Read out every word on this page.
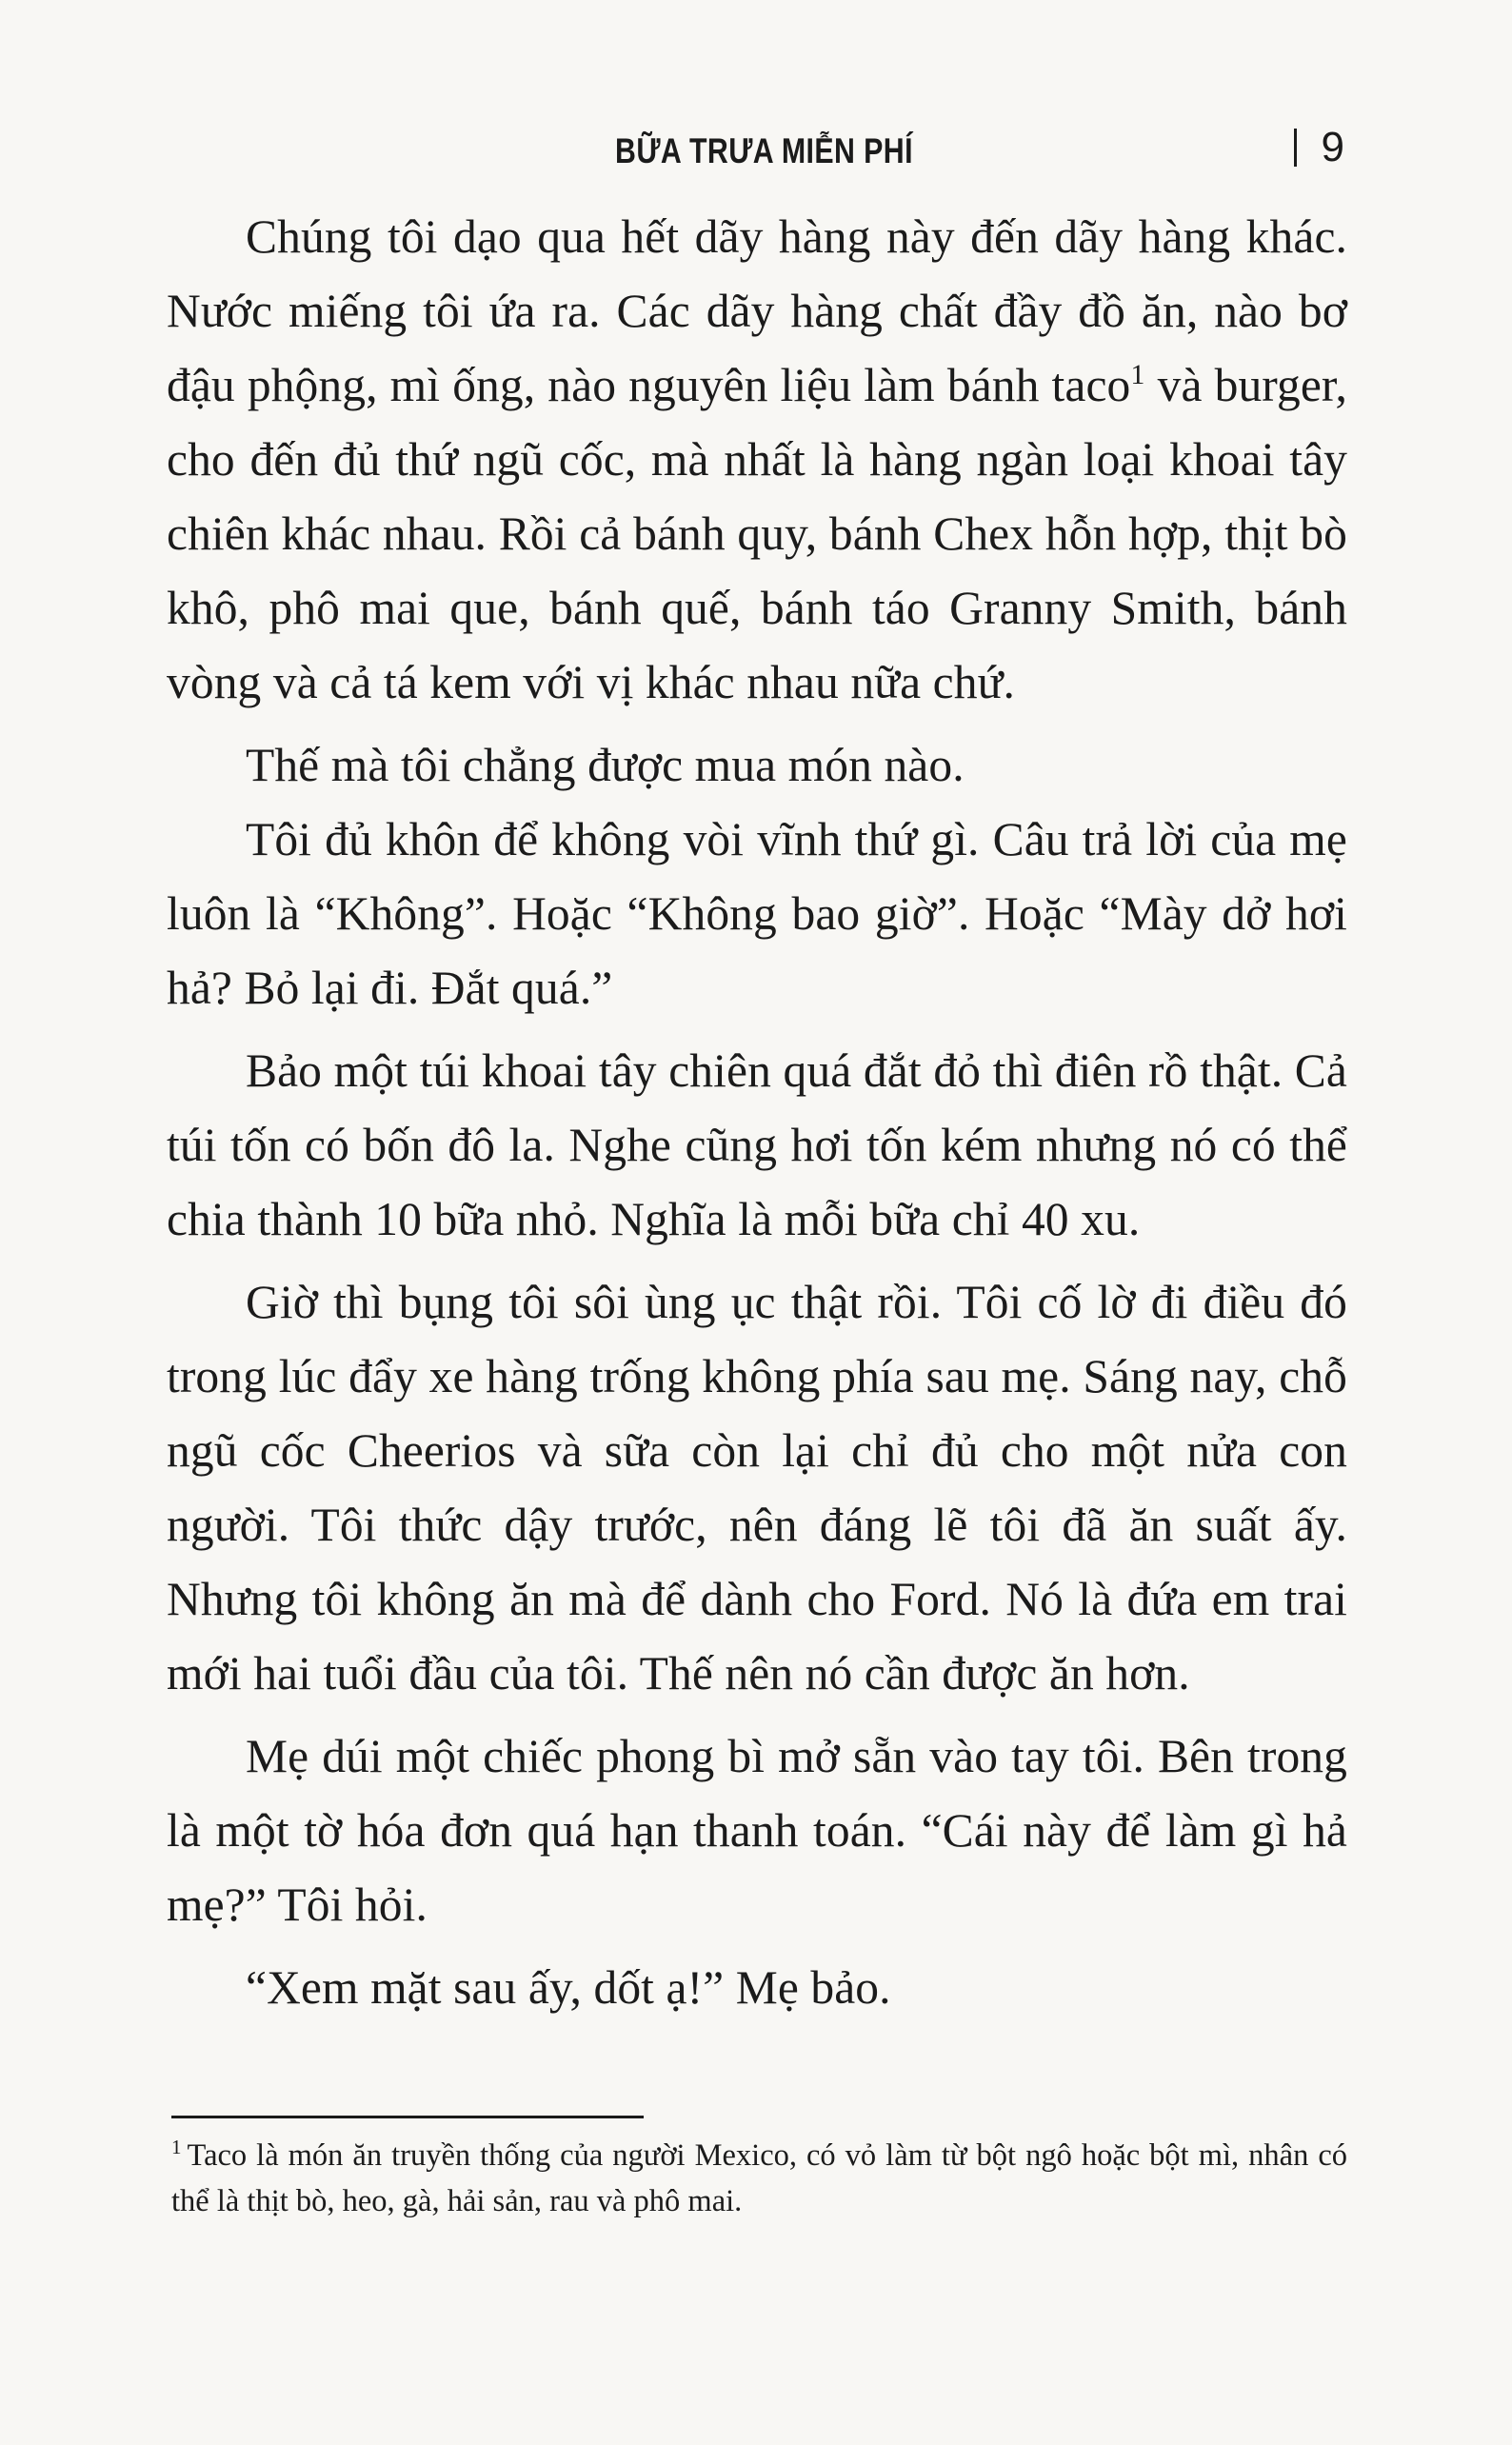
BỮA TRƯA MIỄN PHÍ	9

Chúng tôi dạo qua hết dãy hàng này đến dãy hàng khác. Nước miếng tôi ứa ra. Các dãy hàng chất đầy đồ ăn, nào bơ đậu phộng, mì ống, nào nguyên liệu làm bánh taco$^1$ và burger, cho đến đủ thứ ngũ cốc, mà nhất là hàng ngàn loại khoai tây chiên khác nhau. Rồi cả bánh quy, bánh Chex hỗn hợp, thịt bò khô, phô mai que, bánh quế, bánh táo Granny Smith, bánh vòng và cả tá kem với vị khác nhau nữa chứ.

Thế mà tôi chẳng được mua món nào.

Tôi đủ khôn để không vòi vĩnh thứ gì. Câu trả lời của mẹ luôn là “Không”. Hoặc “Không bao giờ”. Hoặc “Mày dở hơi hả? Bỏ lại đi. Đắt quá.”

Bảo một túi khoai tây chiên quá đắt đỏ thì điên rồ thật. Cả túi tốn có bốn đô la. Nghe cũng hơi tốn kém nhưng nó có thể chia thành 10 bữa nhỏ. Nghĩa là mỗi bữa chỉ 40 xu.

Giờ thì bụng tôi sôi ùng ục thật rồi. Tôi cố lờ đi điều đó trong lúc đẩy xe hàng trống không phía sau mẹ. Sáng nay, chỗ ngũ cốc Cheerios và sữa còn lại chỉ đủ cho một nửa con người. Tôi thức dậy trước, nên đáng lẽ tôi đã ăn suất ấy. Nhưng tôi không ăn mà để dành cho Ford. Nó là đứa em trai mới hai tuổi đầu của tôi. Thế nên nó cần được ăn hơn.

Mẹ dúi một chiếc phong bì mở sẵn vào tay tôi. Bên trong là một tờ hóa đơn quá hạn thanh toán. “Cái này để làm gì hả mẹ?” Tôi hỏi.

“Xem mặt sau ấy, dốt ạ!” Mẹ bảo.

$^1$ Taco là món ăn truyền thống của người Mexico, có vỏ làm từ bột ngô hoặc bột mì, nhân có thể là thịt bò, heo, gà, hải sản, rau và phô mai.
